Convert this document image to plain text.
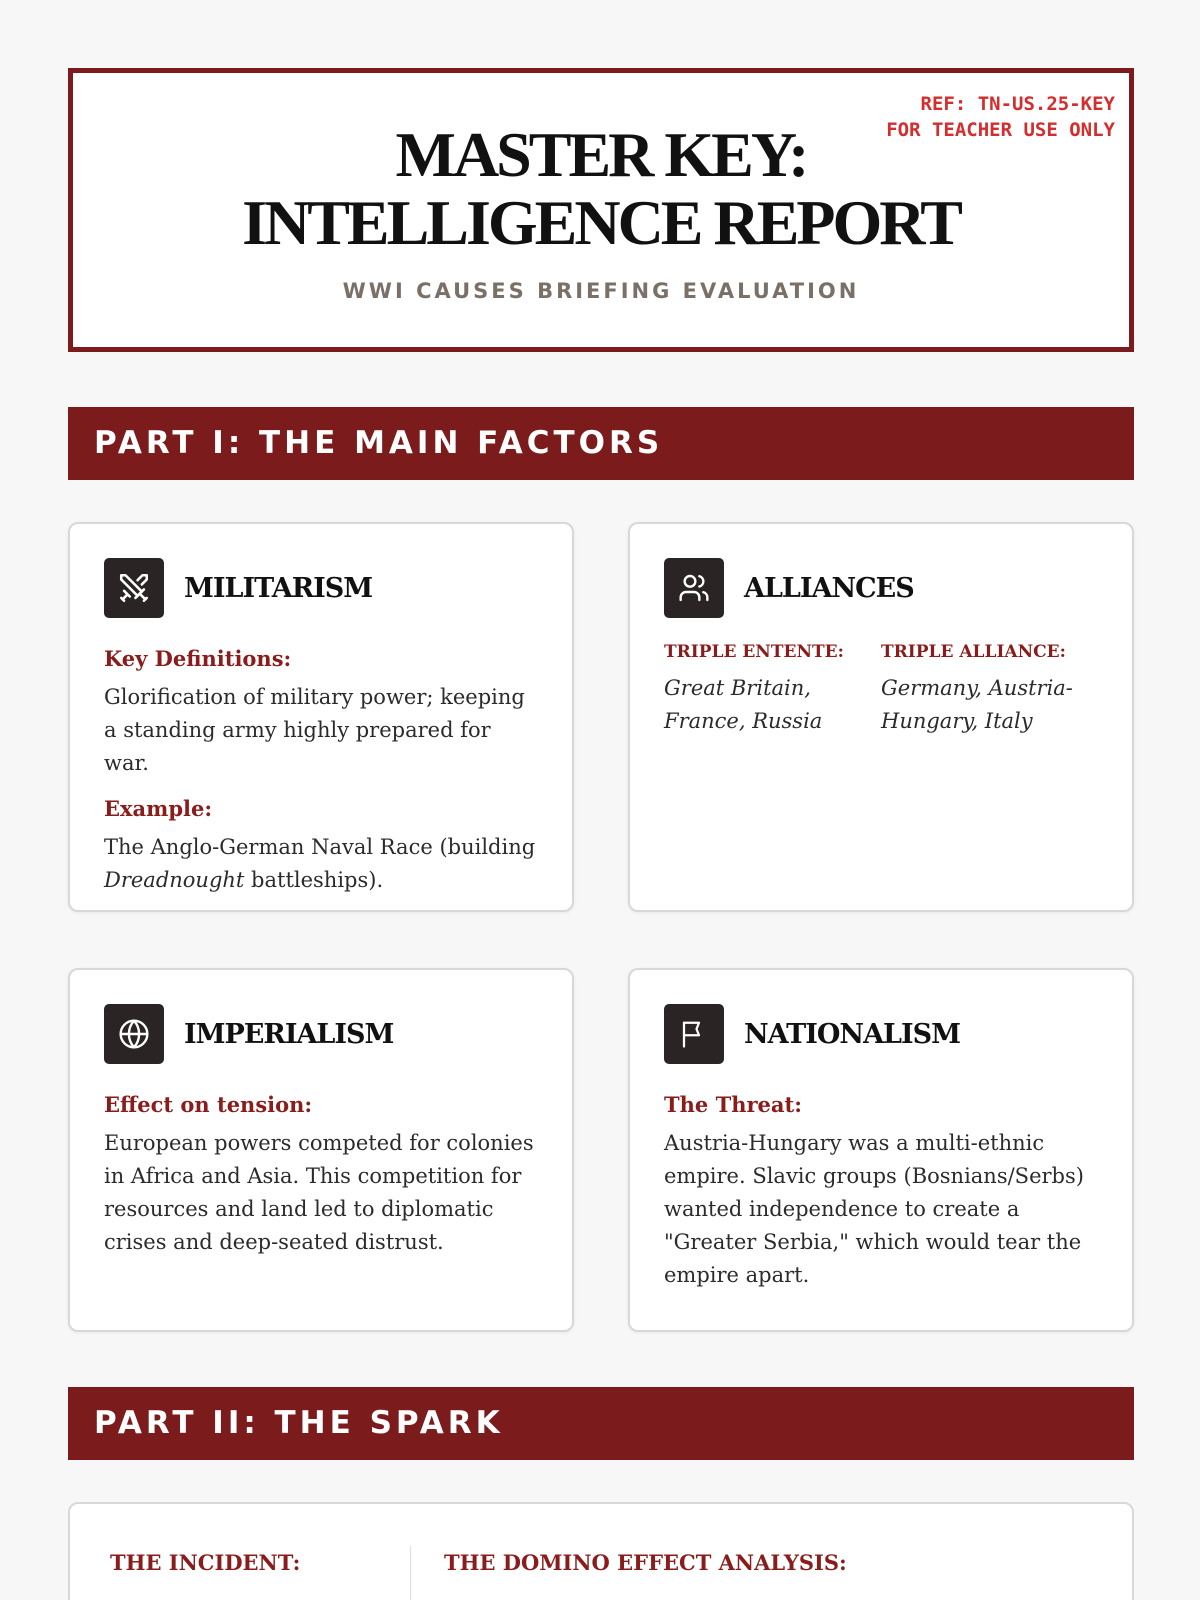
REF: TN-US.25-KEY
FOR TEACHER USE ONLY
MASTER KEY: INTELLIGENCE REPORT
WWI CAUSES BRIEFING EVALUATION
PART I: THE MAIN FACTORS
MILITARISM
Key Definitions:
Glorification of military power; keeping a standing army highly prepared for war.
Example:
The Anglo-German Naval Race (building Dreadnought battleships).
ALLIANCES
TRIPLE ENTENTE:
Great Britain, France, Russia
TRIPLE ALLIANCE:
Germany, Austria-Hungary, Italy
IMPERIALISM
Effect on tension:
European powers competed for colonies in Africa and Asia. This competition for resources and land led to diplomatic crises and deep-seated distrust.
NATIONALISM
The Threat:
Austria-Hungary was a multi-ethnic empire. Slavic groups (Bosnians/Serbs) wanted independence to create a "Greater Serbia," which would tear the empire apart.
PART II: THE SPARK
THE INCIDENT:	THE DOMINO EFFECT ANALYSIS:
